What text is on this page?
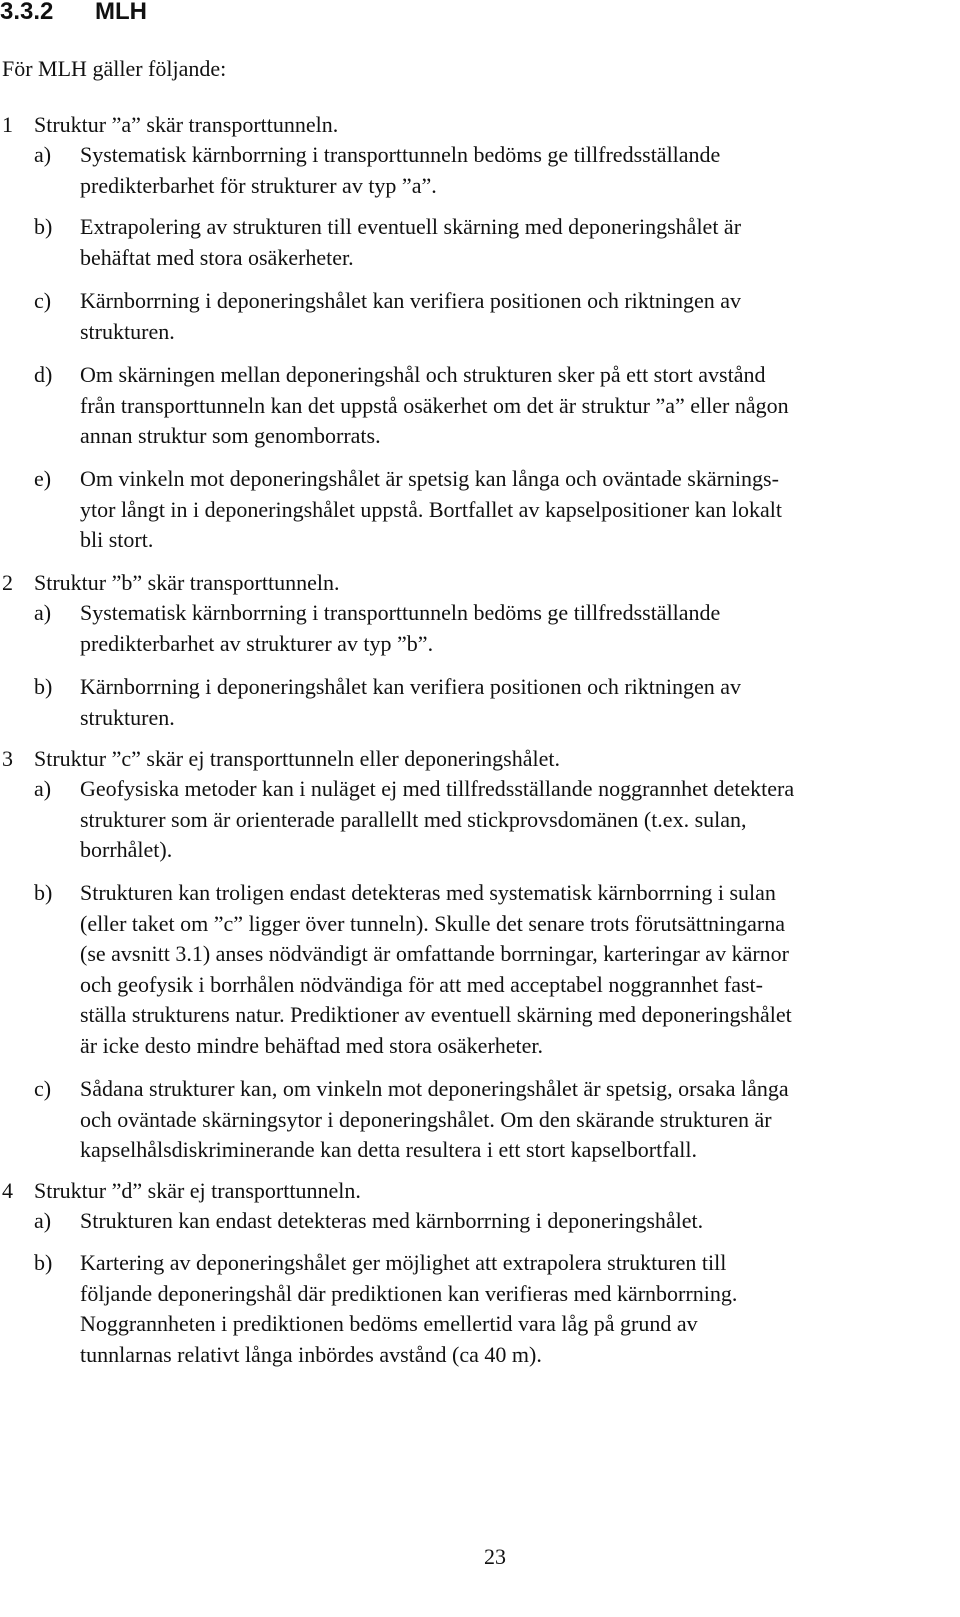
3.3.2 MLH

För MLH gäller följande:

1 Struktur ”a” skär transporttunneln.
a) Systematisk kärnborrning i transporttunneln bedöms ge tillfredsställande
predikterbarhet för strukturer av typ ”a”.
b) Extrapolering av strukturen till eventuell skärning med deponeringshålet är
behäftat med stora osäkerheter.
c) Kärnborrning i deponeringshålet kan verifiera positionen och riktningen av
strukturen.
d) Om skärningen mellan deponeringshål och strukturen sker på ett stort avstånd
från transporttunneln kan det uppstå osäkerhet om det är struktur ”a” eller någon
annan struktur som genomborrats.
e) Om vinkeln mot deponeringshålet är spetsig kan långa och oväntade skärnings-
ytor långt in i deponeringshålet uppstå. Bortfallet av kapselpositioner kan lokalt
bli stort.
2 Struktur ”b” skär transporttunneln.
a) Systematisk kärnborrning i transporttunneln bedöms ge tillfredsställande
predikterbarhet av strukturer av typ ”b”.
b) Kärnborrning i deponeringshålet kan verifiera positionen och riktningen av
strukturen.
3 Struktur ”c” skär ej transporttunneln eller deponeringshålet.
a) Geofysiska metoder kan i nuläget ej med tillfredsställande noggrannhet detektera
strukturer som är orienterade parallellt med stickprovsdomänen (t.ex. sulan,
borrhålet).
b) Strukturen kan troligen endast detekteras med systematisk kärnborrning i sulan
(eller taket om ”c” ligger över tunneln). Skulle det senare trots förutsättningarna
(se avsnitt 3.1) anses nödvändigt är omfattande borrningar, karteringar av kärnor
och geofysik i borrhålen nödvändiga för att med acceptabel noggrannhet fast-
ställa strukturens natur. Prediktioner av eventuell skärning med deponeringshålet
är icke desto mindre behäftad med stora osäkerheter.
c) Sådana strukturer kan, om vinkeln mot deponeringshålet är spetsig, orsaka långa
och oväntade skärningsytor i deponeringshålet. Om den skärande strukturen är
kapselhålsdiskriminerande kan detta resultera i ett stort kapselbortfall.
4 Struktur ”d” skär ej transporttunneln.
a) Strukturen kan endast detekteras med kärnborrning i deponeringshålet.
b) Kartering av deponeringshålet ger möjlighet att extrapolera strukturen till
följande deponeringshål där prediktionen kan verifieras med kärnborrning.
Noggrannheten i prediktionen bedöms emellertid vara låg på grund av
tunnlarnas relativt långa inbördes avstånd (ca 40 m).
23
